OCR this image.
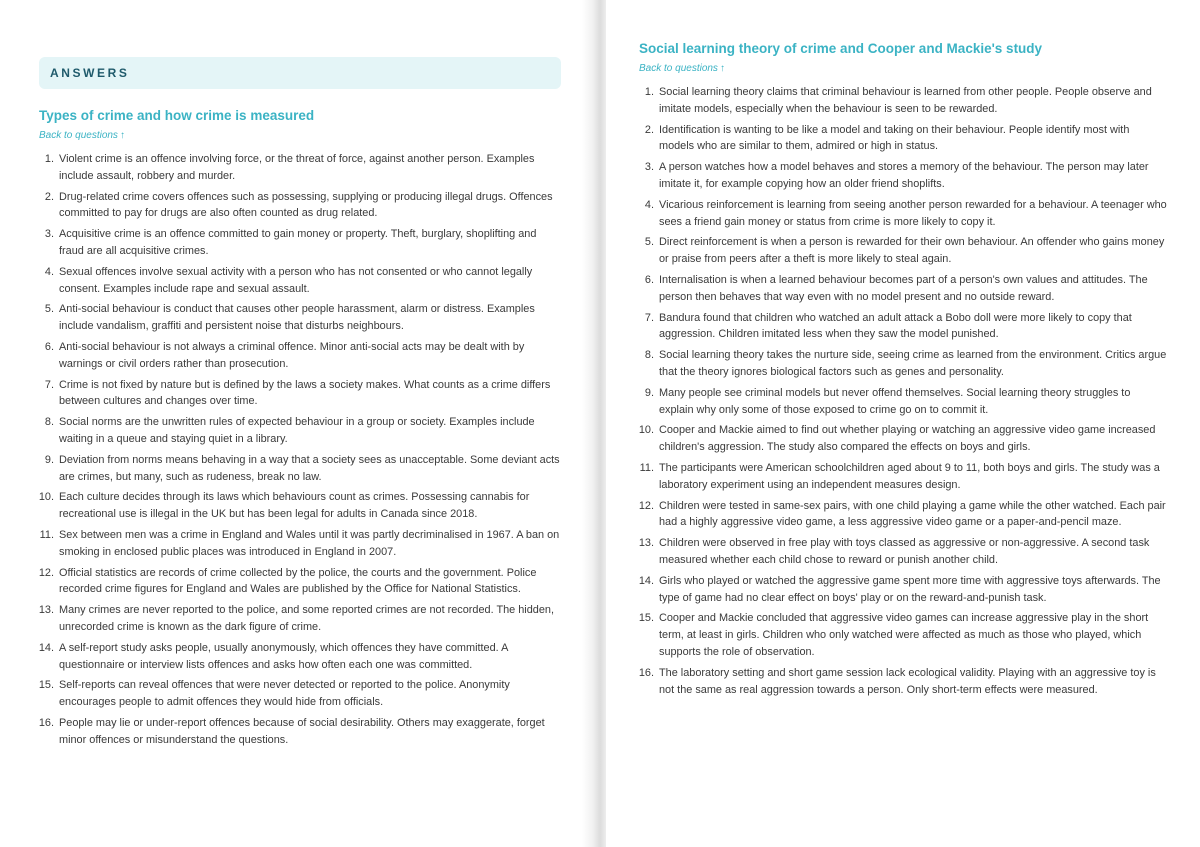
ANSWERS
Types of crime and how crime is measured
Back to questions ↑
1. Violent crime is an offence involving force, or the threat of force, against another person. Examples include assault, robbery and murder.
2. Drug-related crime covers offences such as possessing, supplying or producing illegal drugs. Offences committed to pay for drugs are also often counted as drug related.
3. Acquisitive crime is an offence committed to gain money or property. Theft, burglary, shoplifting and fraud are all acquisitive crimes.
4. Sexual offences involve sexual activity with a person who has not consented or who cannot legally consent. Examples include rape and sexual assault.
5. Anti-social behaviour is conduct that causes other people harassment, alarm or distress. Examples include vandalism, graffiti and persistent noise that disturbs neighbours.
6. Anti-social behaviour is not always a criminal offence. Minor anti-social acts may be dealt with by warnings or civil orders rather than prosecution.
7. Crime is not fixed by nature but is defined by the laws a society makes. What counts as a crime differs between cultures and changes over time.
8. Social norms are the unwritten rules of expected behaviour in a group or society. Examples include waiting in a queue and staying quiet in a library.
9. Deviation from norms means behaving in a way that a society sees as unacceptable. Some deviant acts are crimes, but many, such as rudeness, break no law.
10. Each culture decides through its laws which behaviours count as crimes. Possessing cannabis for recreational use is illegal in the UK but has been legal for adults in Canada since 2018.
11. Sex between men was a crime in England and Wales until it was partly decriminalised in 1967. A ban on smoking in enclosed public places was introduced in England in 2007.
12. Official statistics are records of crime collected by the police, the courts and the government. Police recorded crime figures for England and Wales are published by the Office for National Statistics.
13. Many crimes are never reported to the police, and some reported crimes are not recorded. The hidden, unrecorded crime is known as the dark figure of crime.
14. A self-report study asks people, usually anonymously, which offences they have committed. A questionnaire or interview lists offences and asks how often each one was committed.
15. Self-reports can reveal offences that were never detected or reported to the police. Anonymity encourages people to admit offences they would hide from officials.
16. People may lie or under-report offences because of social desirability. Others may exaggerate, forget minor offences or misunderstand the questions.
Social learning theory of crime and Cooper and Mackie's study
Back to questions ↑
1. Social learning theory claims that criminal behaviour is learned from other people. People observe and imitate models, especially when the behaviour is seen to be rewarded.
2. Identification is wanting to be like a model and taking on their behaviour. People identify most with models who are similar to them, admired or high in status.
3. A person watches how a model behaves and stores a memory of the behaviour. The person may later imitate it, for example copying how an older friend shoplifts.
4. Vicarious reinforcement is learning from seeing another person rewarded for a behaviour. A teenager who sees a friend gain money or status from crime is more likely to copy it.
5. Direct reinforcement is when a person is rewarded for their own behaviour. An offender who gains money or praise from peers after a theft is more likely to steal again.
6. Internalisation is when a learned behaviour becomes part of a person's own values and attitudes. The person then behaves that way even with no model present and no outside reward.
7. Bandura found that children who watched an adult attack a Bobo doll were more likely to copy that aggression. Children imitated less when they saw the model punished.
8. Social learning theory takes the nurture side, seeing crime as learned from the environment. Critics argue that the theory ignores biological factors such as genes and personality.
9. Many people see criminal models but never offend themselves. Social learning theory struggles to explain why only some of those exposed to crime go on to commit it.
10. Cooper and Mackie aimed to find out whether playing or watching an aggressive video game increased children's aggression. The study also compared the effects on boys and girls.
11. The participants were American schoolchildren aged about 9 to 11, both boys and girls. The study was a laboratory experiment using an independent measures design.
12. Children were tested in same-sex pairs, with one child playing a game while the other watched. Each pair had a highly aggressive video game, a less aggressive video game or a paper-and-pencil maze.
13. Children were observed in free play with toys classed as aggressive or non-aggressive. A second task measured whether each child chose to reward or punish another child.
14. Girls who played or watched the aggressive game spent more time with aggressive toys afterwards. The type of game had no clear effect on boys' play or on the reward-and-punish task.
15. Cooper and Mackie concluded that aggressive video games can increase aggressive play in the short term, at least in girls. Children who only watched were affected as much as those who played, which supports the role of observation.
16. The laboratory setting and short game session lack ecological validity. Playing with an aggressive toy is not the same as real aggression towards a person. Only short-term effects were measured.
